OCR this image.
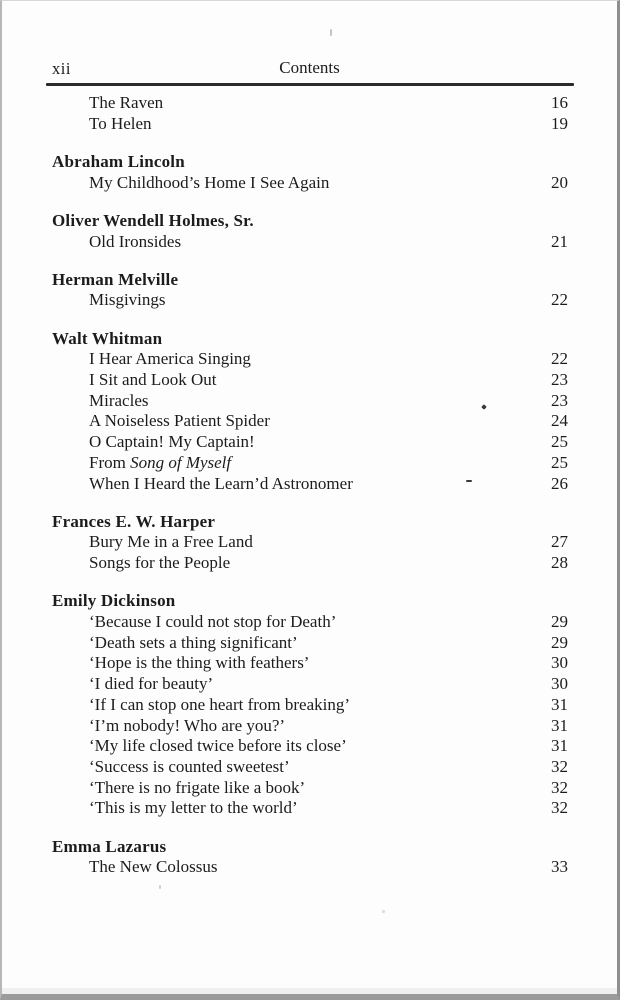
xii	Contents
The Raven	16
To Helen	19
Abraham Lincoln
My Childhood’s Home I See Again	20
Oliver Wendell Holmes, Sr.
Old Ironsides	21
Herman Melville
Misgivings	22
Walt Whitman
I Hear America Singing	22
I Sit and Look Out	23
Miracles	23
A Noiseless Patient Spider	24
O Captain! My Captain!	25
From Song of Myself	25
When I Heard the Learn’d Astronomer	26
Frances E. W. Harper
Bury Me in a Free Land	27
Songs for the People	28
Emily Dickinson
‘Because I could not stop for Death’	29
‘Death sets a thing significant’	29
‘Hope is the thing with feathers’	30
‘I died for beauty’	30
‘If I can stop one heart from breaking’	31
‘I’m nobody! Who are you?’	31
‘My life closed twice before its close’	31
‘Success is counted sweetest’	32
‘There is no frigate like a book’	32
‘This is my letter to the world’	32
Emma Lazarus
The New Colossus	33
